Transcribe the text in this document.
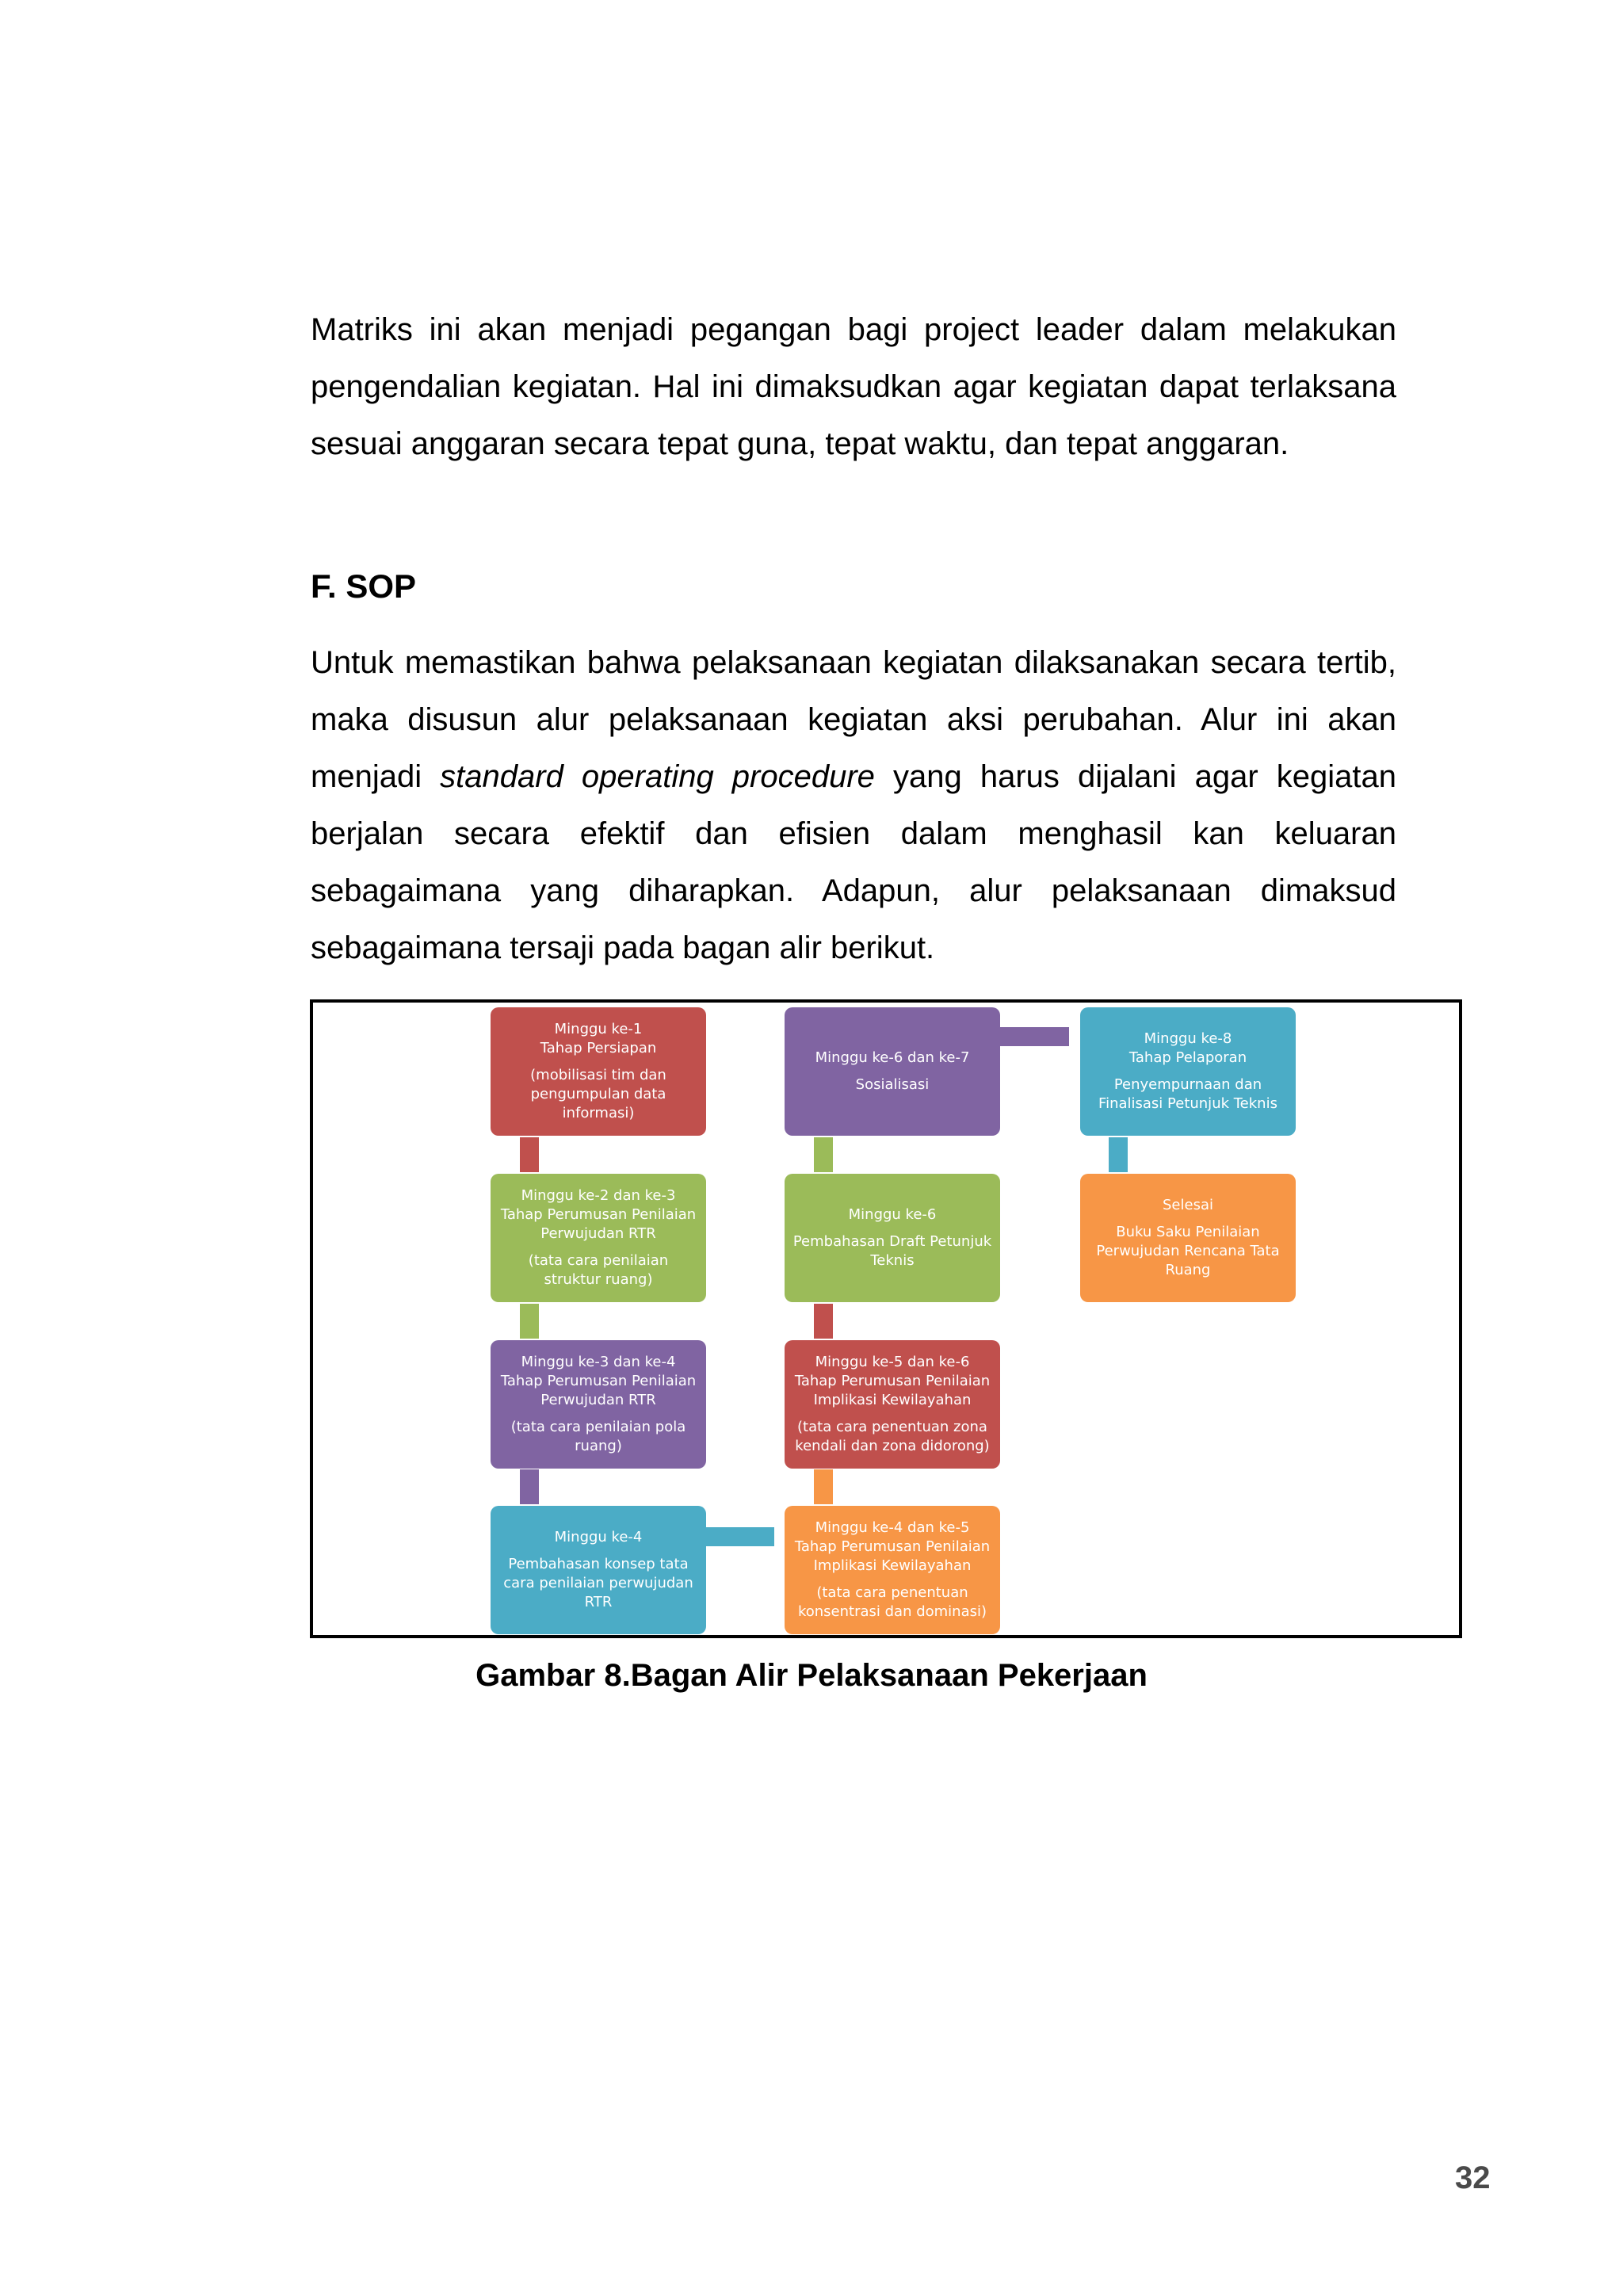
Matriks ini akan menjadi pegangan bagi project leader dalam melakukan pengendalian kegiatan. Hal ini dimaksudkan agar kegiatan dapat terlaksana sesuai anggaran secara tepat guna, tepat waktu, dan tepat anggaran.

F. SOP

Untuk memastikan bahwa pelaksanaan kegiatan dilaksanakan secara tertib, maka disusun alur pelaksanaan kegiatan aksi perubahan. Alur ini akan menjadi standard operating procedure yang harus dijalani agar kegiatan berjalan secara efektif dan efisien dalam menghasil kan keluaran sebagaimana yang diharapkan. Adapun, alur pelaksanaan dimaksud sebagaimana tersaji pada bagan alir berikut.

Minggu ke-1
Tahap Persiapan
(mobilisasi tim dan pengumpulan data informasi)
Minggu ke-2 dan ke-3
Tahap Perumusan Penilaian Perwujudan RTR
(tata cara penilaian struktur ruang)
Minggu ke-3 dan ke-4
Tahap Perumusan Penilaian Perwujudan RTR
(tata cara penilaian pola ruang)
Minggu ke-4
Pembahasan konsep tata cara penilaian perwujudan RTR
Minggu ke-6 dan ke-7
Sosialisasi
Minggu ke-6
Pembahasan Draft Petunjuk Teknis
Minggu ke-5 dan ke-6
Tahap Perumusan Penilaian Implikasi Kewilayahan
(tata cara penentuan zona kendali dan zona didorong)
Minggu ke-4 dan ke-5
Tahap Perumusan Penilaian Implikasi Kewilayahan
(tata cara penentuan konsentrasi dan dominasi)
Minggu ke-8
Tahap Pelaporan
Penyempurnaan dan Finalisasi Petunjuk Teknis
Selesai
Buku Saku Penilaian Perwujudan Rencana Tata Ruang

Gambar 8.Bagan Alir Pelaksanaan Pekerjaan

32
